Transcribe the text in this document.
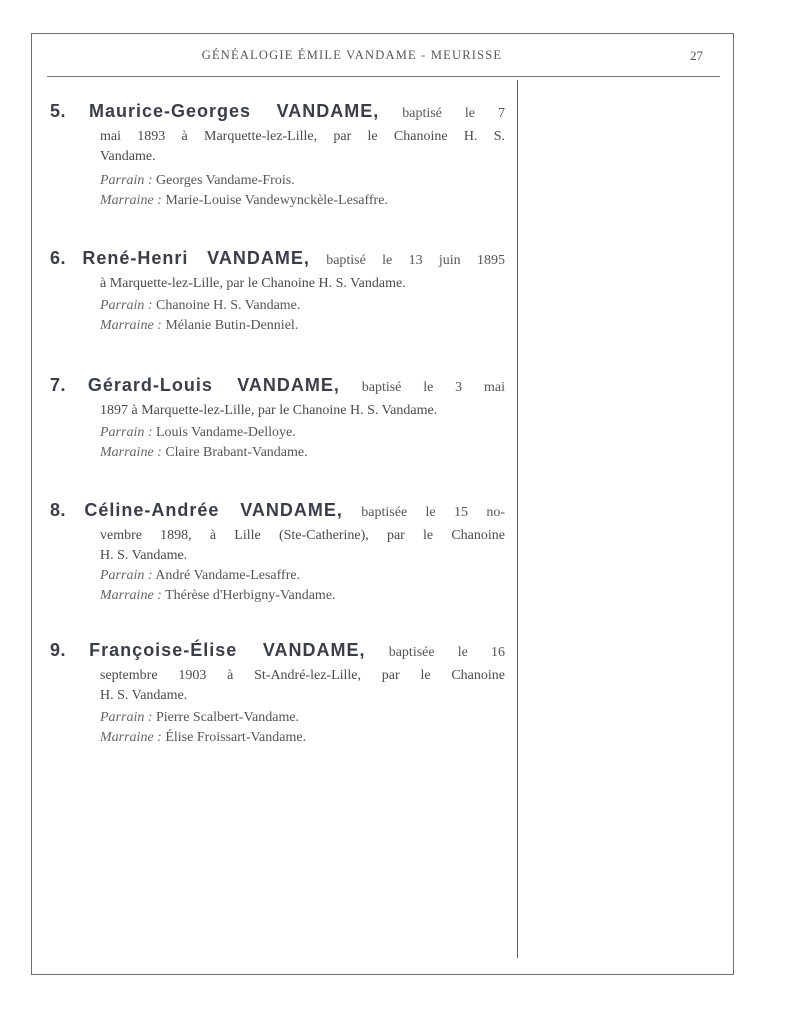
GÉNÉALOGIE ÉMILE VANDAME - MEURISSE	27

5. Maurice-Georges VANDAME, baptisé le 7

mai 1893 à Marquette-lez-Lille, par le Chanoine H. S.

Vandame.

Parrain : Georges Vandame-Frois.

Marraine : Marie-Louise Vandewynckèle-Lesaffre.

6. René-Henri VANDAME, baptisé le 13 juin 1895

à Marquette-lez-Lille, par le Chanoine H. S. Vandame.

Parrain : Chanoine H. S. Vandame.

Marraine : Mélanie Butin-Denniel.

7. Gérard-Louis VANDAME, baptisé le 3 mai

1897 à Marquette-lez-Lille, par le Chanoine H. S. Vandame.

Parrain : Louis Vandame-Delloye.

Marraine : Claire Brabant-Vandame.

8. Céline-Andrée VANDAME, baptisée le 15 no-

vembre 1898, à Lille (Ste-Catherine), par le Chanoine

H. S. Vandame.

Parrain : André Vandame-Lesaffre.

Marraine : Thérèse d'Herbigny-Vandame.

9. Françoise-Élise VANDAME, baptisée le 16

septembre 1903 à St-André-lez-Lille, par le Chanoine

H. S. Vandame.

Parrain : Pierre Scalbert-Vandame.

Marraine : Élise Froissart-Vandame.
